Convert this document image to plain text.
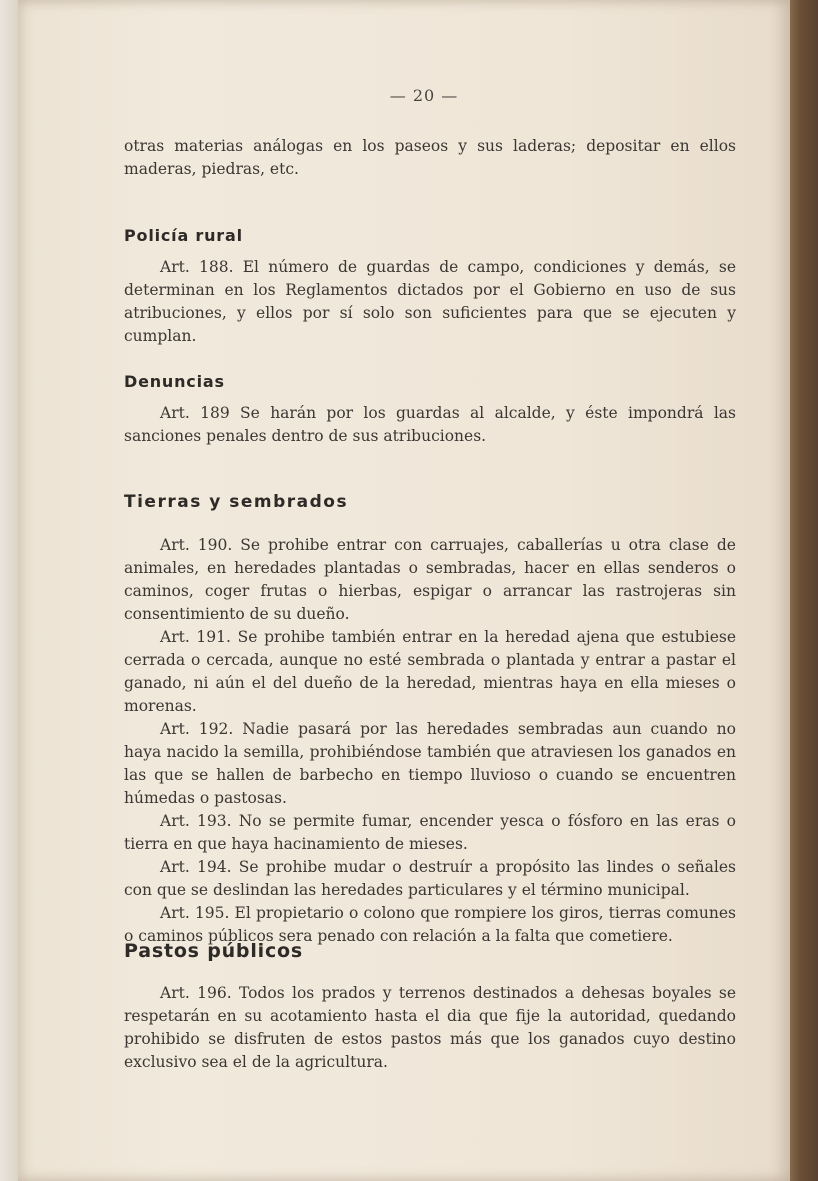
— 20 —

otras materias análogas en los paseos y sus laderas; depositar en ellos maderas, piedras, etc.

Policía rural

Art. 188. El número de guardas de campo, condiciones y demás, se determinan en los Reglamentos dictados por el Gobierno en uso de sus atribuciones, y ellos por sí solo son suficientes para que se ejecuten y cumplan.

Denuncias

Art. 189 Se harán por los guardas al alcalde, y éste impondrá las sanciones penales dentro de sus atribuciones.

Tierras y sembrados

Art. 190. Se prohibe entrar con carruajes, caballerías u otra clase de animales, en heredades plantadas o sembradas, hacer en ellas senderos o caminos, coger frutas o hierbas, espigar o arrancar las rastrojeras sin consentimiento de su dueño.

Art. 191. Se prohibe también entrar en la heredad ajena que estubiese cerrada o cercada, aunque no esté sembrada o plantada y entrar a pastar el ganado, ni aún el del dueño de la heredad, mientras haya en ella mieses o morenas.

Art. 192. Nadie pasará por las heredades sembradas aun cuando no haya nacido la semilla, prohibiéndose también que atraviesen los ganados en las que se hallen de barbecho en tiempo lluvioso o cuando se encuentren húmedas o pastosas.

Art. 193. No se permite fumar, encender yesca o fósforo en las eras o tierra en que haya hacinamiento de mieses.

Art. 194. Se prohibe mudar o destruír a propósito las lindes o señales con que se deslindan las heredades particulares y el término municipal.

Art. 195. El propietario o colono que rompiere los giros, tierras comunes o caminos públicos sera penado con relación a la falta que cometiere.

Pastos públicos

Art. 196. Todos los prados y terrenos destinados a dehesas boyales se respetarán en su acotamiento hasta el dia que fije la autoridad, quedando prohibido se disfruten de estos pastos más que los ganados cuyo destino exclusivo sea el de la agricultura.
